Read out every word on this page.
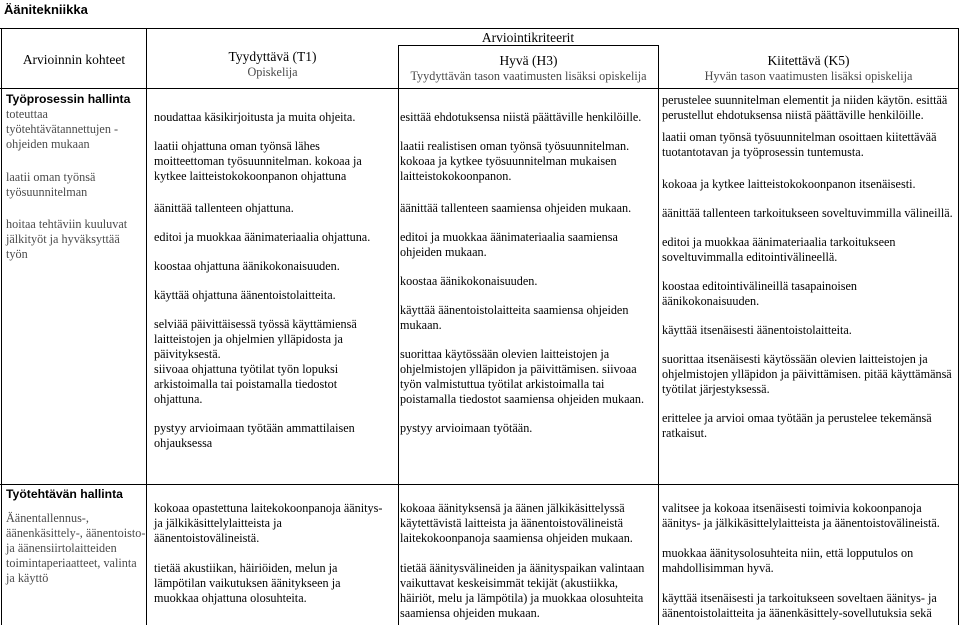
Äänitekniikka

Arvioinnin kohteet

Arviointikriteerit

Tyydyttävä (T1)

Opiskelija

Hyvä (H3)

Tyydyttävän tason vaatimusten lisäksi opiskelija

Kiitettävä (K5)

Hyvän tason vaatimusten lisäksi opiskelija

Työprosessin hallinta

toteuttaa työtehtävätannettujen -ohjeiden mukaan

laatii oman työnsä työsuunnitelman

hoitaa tehtäviin kuuluvat jälkityöt ja hyväksyttää työn

Työtehtävän hallinta

Äänentallennus-, äänenkäsittely-, äänentoisto- ja äänensiirtolaitteiden toimintaperiaatteet, valinta ja käyttö

noudattaa käsikirjoitusta ja muita ohjeita.

laatii ohjattuna oman työnsä lähes moitteettoman työsuunnitelman. kokoaa ja kytkee laitteistokokoonpanon ohjattuna

äänittää tallenteen ohjattuna.

editoi ja muokkaa äänimateriaalia ohjattuna.

koostaa ohjattuna äänikokonaisuuden.

käyttää ohjattuna äänentoistolaitteita.

selviää päivittäisessä työssä käyttämiensä laitteistojen ja ohjelmien ylläpidosta ja päivityksestä.

siivoaa ohjattuna työtilat työn lopuksi arkistoimalla tai poistamalla tiedostot ohjattuna.

pystyy arvioimaan työtään ammattilaisen ohjauksessa

kokoaa opastettuna laitekokoonpanoja äänitys- ja jälkikäsittelylaitteista ja äänentoistovälineistä.

tietää akustiikan, häiriöiden, melun ja lämpötilan vaikutuksen äänitykseen ja muokkaa ohjattuna olosuhteita.

esittää ehdotuksensa niistä päättäville henkilöille.

laatii realistisen oman työnsä työsuunnitelman. kokoaa ja kytkee työsuunnitelman mukaisen laitteistokokoonpanon.

äänittää tallenteen saamiensa ohjeiden mukaan.

editoi ja muokkaa äänimateriaalia saamiensa ohjeiden mukaan.

koostaa äänikokonaisuuden.

käyttää äänentoistolaitteita saamiensa ohjeiden mukaan.

suorittaa käytössään olevien laitteistojen ja ohjelmistojen ylläpidon ja päivittämisen. siivoaa työn valmistuttua työtilat arkistoimalla tai poistamalla tiedostot saamiensa ohjeiden mukaan.

pystyy arvioimaan työtään.

kokoaa äänityksensä ja äänen jälkikäsittelyssä käytettävistä laitteista ja äänentoistovälineistä laitekokoonpanoja saamiensa ohjeiden mukaan.

tietää äänitysvälineiden ja äänityspaikan valintaan vaikuttavat keskeisimmät tekijät (akustiikka, häiriöt, melu ja lämpötila) ja muokkaa olosuhteita saamiensa ohjeiden mukaan.

perustelee suunnitelman elementit ja niiden käytön. esittää perustellut ehdotuksensa niistä päättäville henkilöille.

laatii oman työnsä työsuunnitelman osoittaen kiitettävää tuotantotavan ja työprosessin tuntemusta.

kokoaa ja kytkee laitteistokokoonpanon itsenäisesti.

äänittää tallenteen tarkoitukseen soveltuvimmilla välineillä.

editoi ja muokkaa äänimateriaalia tarkoitukseen soveltuvimmalla editointivälineellä.

koostaa editointivälineillä tasapainoisen äänikokonaisuuden.

käyttää itsenäisesti äänentoistolaitteita.

suorittaa itsenäisesti käytössään olevien laitteistojen ja ohjelmistojen ylläpidon ja päivittämisen. pitää käyttämänsä työtilat järjestyksessä.

erittelee ja arvioi omaa työtään ja perustelee tekemänsä ratkaisut.

valitsee ja kokoaa itsenäisesti toimivia kokoonpanoja äänitys- ja jälkikäsittelylaitteista ja äänentoistovälineistä.

muokkaa äänitysolosuhteita niin, että lopputulos on mahdollisimman hyvä.

käyttää itsenäisesti ja tarkoitukseen soveltaen äänitys- ja äänentoistolaitteita ja äänenkäsittely-sovellutuksia sekä
